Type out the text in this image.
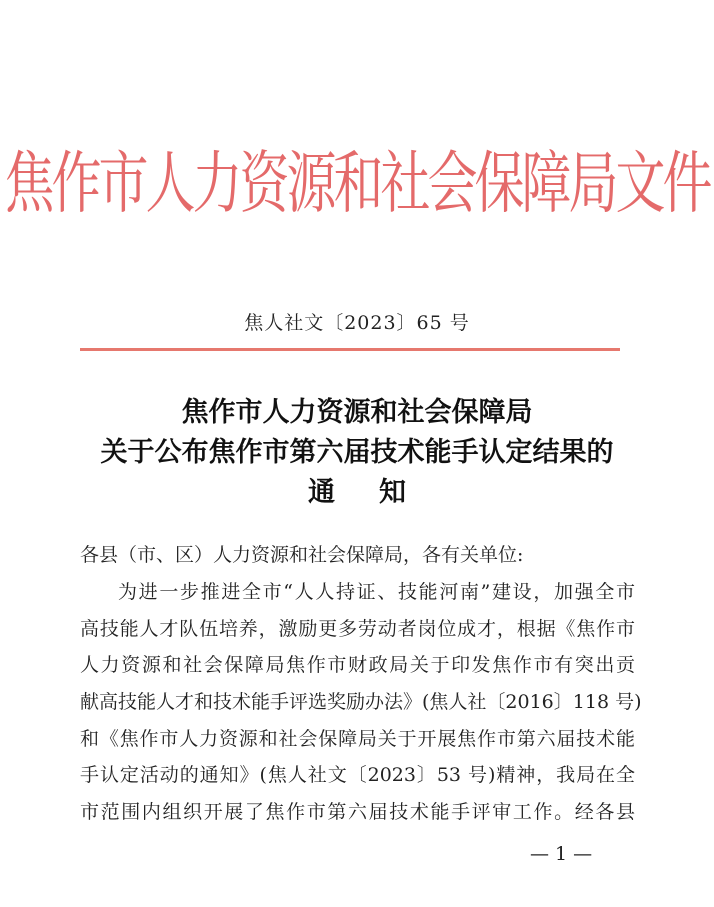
焦作市人力资源和社会保障局文件
焦人社文〔2023〕65 号
焦作市人力资源和社会保障局
关于公布焦作市第六届技术能手认定结果的
通知
各县（市、区）人力资源和社会保障局，各有关单位:
为进一步推进全市“人人持证、技能河南”建设，加强全市
高技能人才队伍培养，激励更多劳动者岗位成才，根据《焦作市
人力资源和社会保障局焦作市财政局关于印发焦作市有突出贡
献高技能人才和技术能手评选奖励办法》(焦人社〔2016〕118 号)
和《焦作市人力资源和社会保障局关于开展焦作市第六届技术能
手认定活动的通知》(焦人社文〔2023〕53 号)精神，我局在全
市范围内组织开展了焦作市第六届技术能手评审工作。经各县
— 1 —
